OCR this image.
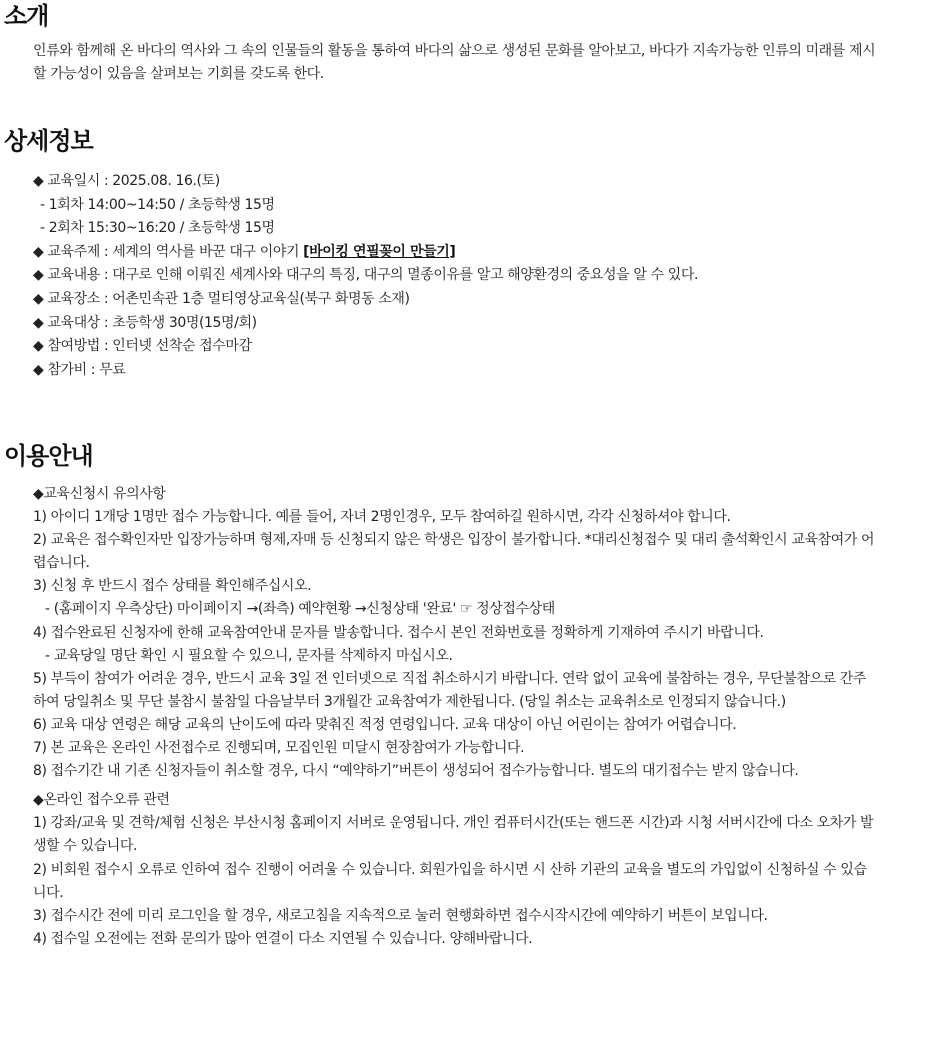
소개

인류와 함께해 온 바다의 역사와 그 속의 인물들의 활동을 통하여 바다의 삶으로 생성된 문화를 알아보고, 바다가 지속가능한 인류의 미래를 제시할 가능성이 있음을 살펴보는 기회를 갖도록 한다.

상세정보
◆ 교육일시 : 2025.08. 16.(토)
- 1회차 14:00~14:50 / 초등학생 15명
- 2회차 15:30~16:20 / 초등학생 15명
◆ 교육주제 : 세계의 역사를 바꾼 대구 이야기 [바이킹 연필꽂이 만들기]
◆ 교육내용 : 대구로 인해 이뤄진 세계사와 대구의 특징, 대구의 멸종이유를 알고 해양환경의 중요성을 알 수 있다.
◆ 교육장소 : 어촌민속관 1층 멀티영상교육실(북구 화명동 소재)
◆ 교육대상 : 초등학생 30명(15명/회)
◆ 참여방법 : 인터넷 선착순 접수마감
◆ 참가비 : 무료
이용안내

◆교육신청시 유의사항

1) 아이디 1개당 1명만 접수 가능합니다. 예를 들어, 자녀 2명인경우, 모두 참여하길 원하시면, 각각 신청하셔야 합니다.

2) 교육은 접수확인자만 입장가능하며 형제,자매 등 신청되지 않은 학생은 입장이 불가합니다. *대리신청접수 및 대리 출석확인시 교육참여가 어렵습니다.

3) 신청 후 반드시 접수 상태를 확인해주십시오.

- (홈페이지 우측상단) 마이페이지 →(좌측) 예약현황 →신청상태 '완료' ☞ 정상접수상태

4) 접수완료된 신청자에 한해 교육참여안내 문자를 발송합니다. 접수시 본인 전화번호를 정확하게 기재하여 주시기 바랍니다.

- 교육당일 명단 확인 시 필요할 수 있으니, 문자를 삭제하지 마십시오.

5) 부득이 참여가 어려운 경우, 반드시 교육 3일 전 인터넷으로 직접 취소하시기 바랍니다. 연락 없이 교육에 불참하는 경우, 무단불참으로 간주하여 당일취소 및 무단 불참시 불참일 다음날부터 3개월간 교육참여가 제한됩니다. (당일 취소는 교육취소로 인정되지 않습니다.)

6) 교육 대상 연령은 해당 교육의 난이도에 따라 맞춰진 적정 연령입니다. 교육 대상이 아닌 어린이는 참여가 어렵습니다.

7) 본 교육은 온라인 사전접수로 진행되며, 모집인원 미달시 현장참여가 가능합니다.

8) 접수기간 내 기존 신청자들이 취소할 경우, 다시 “예약하기”버튼이 생성되어 접수가능합니다. 별도의 대기접수는 받지 않습니다.

◆온라인 접수오류 관련

1) 강좌/교육 및 견학/체험 신청은 부산시청 홈페이지 서버로 운영됩니다. 개인 컴퓨터시간(또는 핸드폰 시간)과 시청 서버시간에 다소 오차가 발생할 수 있습니다.

2) 비회원 접수시 오류로 인하여 접수 진행이 어려울 수 있습니다. 회원가입을 하시면 시 산하 기관의 교육을 별도의 가입없이 신청하실 수 있습니다.

3) 접수시간 전에 미리 로그인을 할 경우, 새로고침을 지속적으로 눌러 현행화하면 접수시작시간에 예약하기 버튼이 보입니다.

4) 접수일 오전에는 전화 문의가 많아 연결이 다소 지연될 수 있습니다. 양해바랍니다.
